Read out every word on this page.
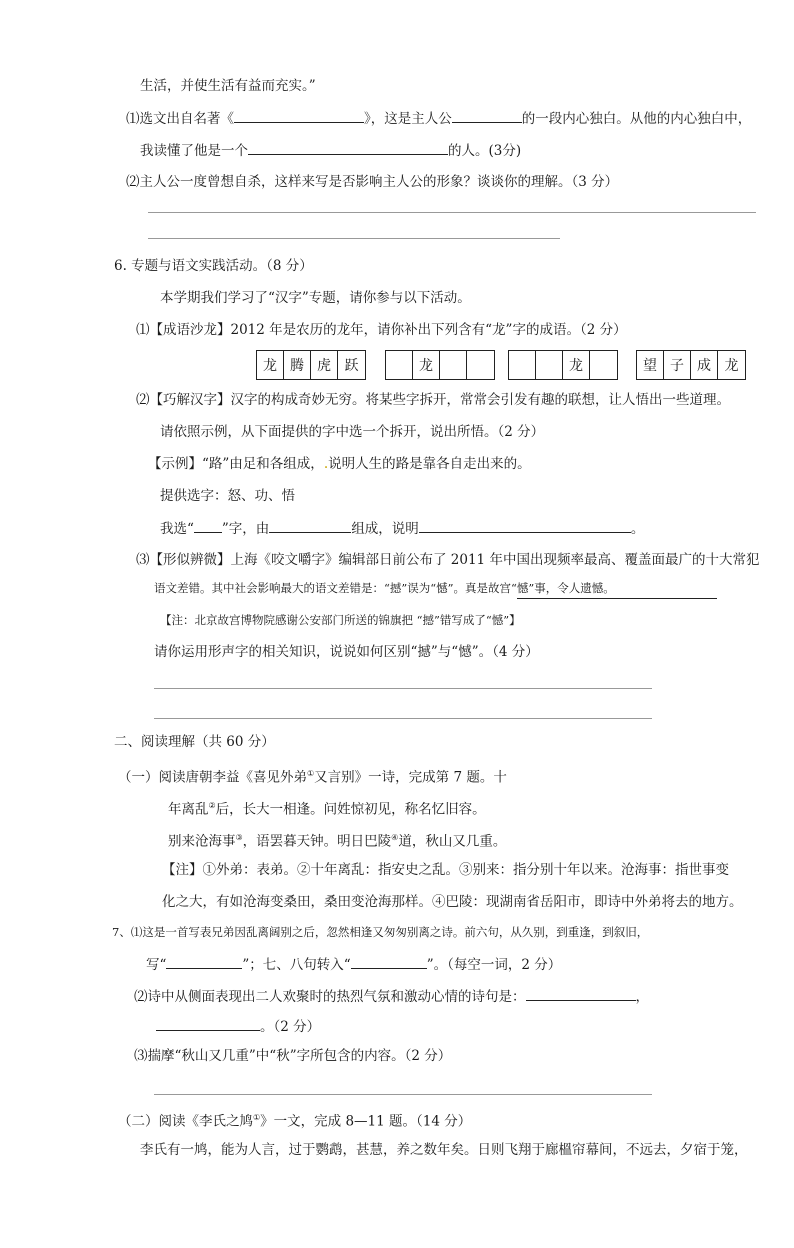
生活，并使生活有益而充实。”
⑴选文出自名著《	》，这是主人公	的一段内心独白。从他的内心独白中，
我读懂了他是一个	的人。(3分)
⑵主人公一度曾想自杀，这样来写是否影响主人公的形象？谈谈你的理解。（3 分）
6. 专题与语文实践活动。（8 分）
本学期我们学习了“汉字”专题，请你参与以下活动。
⑴【成语沙龙】2012 年是农历的龙年，请你补出下列含有“龙”字的成语。（2 分）
龙 腾 虎 跃	龙	龙	望 子 成 龙
⑵【巧解汉字】汉字的构成奇妙无穷。将某些字拆开，常常会引发有趣的联想，让人悟出一些道理。
请依照示例，从下面提供的字中选一个拆开，说出所悟。（2 分）
【示例】“路”由足和各组成，.说明人生的路是靠各自走出来的。
提供选字：怒、功、悟
我选“ ”字，由	组成，说明	。
⑶【形似辨微】上海《咬文嚼字》编辑部日前公布了 2011 年中国出现频率最高、覆盖面最广的十大常犯
语文差错。其中社会影响最大的语文差错是：“撼”误为“憾”。真是故宫“憾”事，令人遗憾。
【注：北京故宫博物院感谢公安部门所送的锦旗把 “撼”错写成了“憾”】
请你运用形声字的相关知识，说说如何区别“撼”与“憾”。（4 分）
二、阅读理解（共 60 分）
（一）阅读唐朝李益《喜见外弟①又言别》一诗，完成第 7 题。十
年离乱②后，长大一相逢。问姓惊初见，称名忆旧容。
别来沧海事③，语罢暮天钟。明日巴陵④道，秋山又几重。
【注】①外弟：表弟。②十年离乱：指安史之乱。③别来：指分别十年以来。沧海事：指世事变
化之大，有如沧海变桑田，桑田变沧海那样。④巴陵：现湖南省岳阳市，即诗中外弟将去的地方。
7、⑴这是一首写表兄弟因乱离阔别之后，忽然相逢又匆匆别离之诗。前六句，从久别，到重逢，到叙旧，
写“	”；七、八句转入“	”。（每空一词，2 分）
⑵诗中从侧面表现出二人欢聚时的热烈气氛和激动心情的诗句是：	，
。（2 分）
⑶揣摩“秋山又几重”中“秋”字所包含的内容。（2 分）
（二）阅读《李氏之鸠①》一文，完成 8—11 题。（14 分）
李氏有一鸠，能为人言，过于鹦鹉，甚慧，养之数年矣。日则飞翔于廊榲帘幕间，不远去，夕宿于笼，
